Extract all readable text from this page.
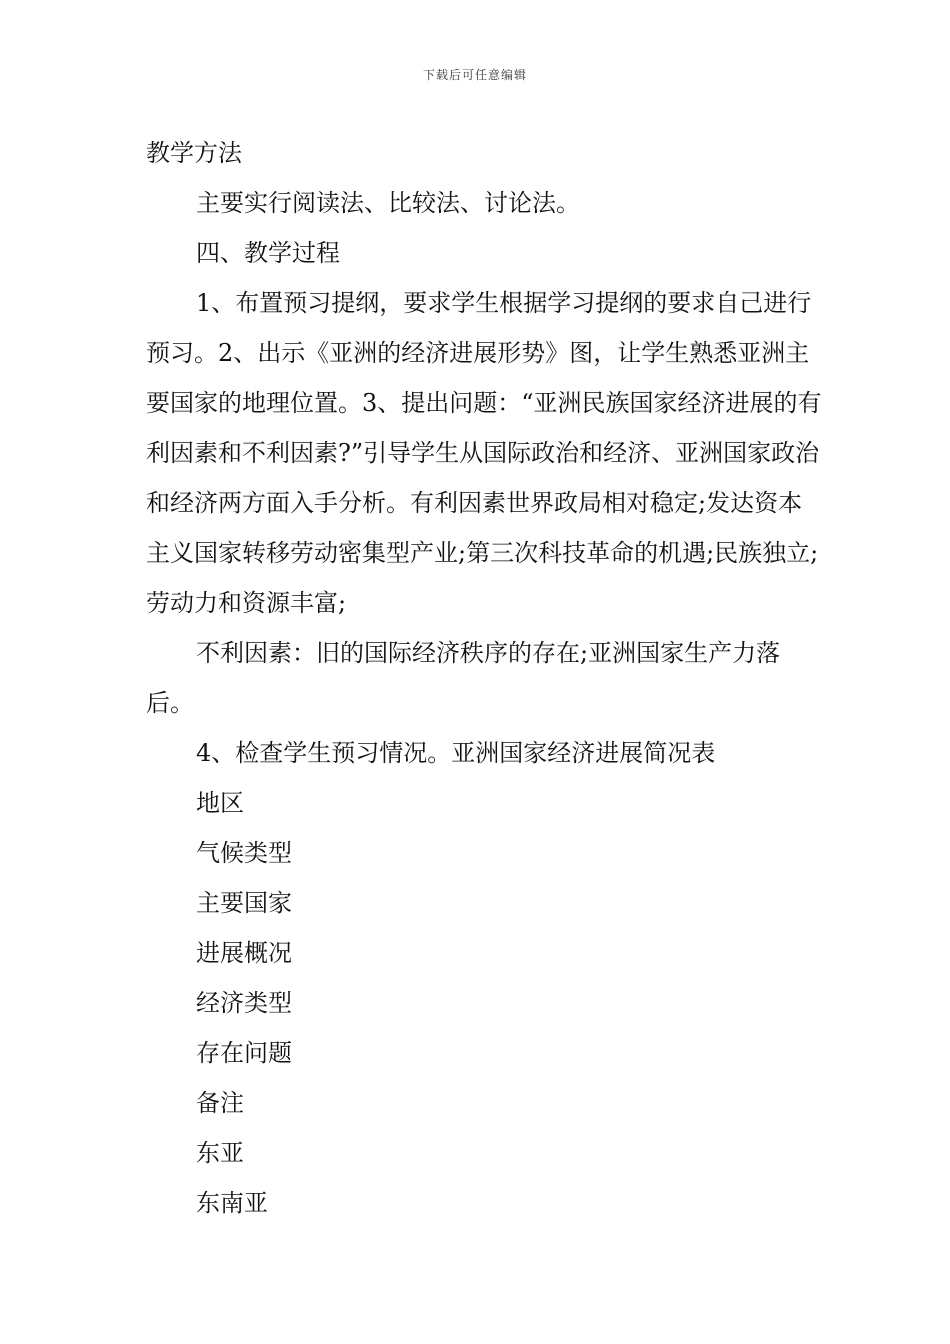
下载后可任意编辑

教学方法

主要实行阅读法、比较法、讨论法。

四、教学过程

1、布置预习提纲，要求学生根据学习提纲的要求自己进行预习。2、出示《亚洲的经济进展形势》图，让学生熟悉亚洲主要国家的地理位置。3、提出问题：“亚洲民族国家经济进展的有利因素和不利因素?”引导学生从国际政治和经济、亚洲国家政治和经济两方面入手分析。有利因素世界政局相对稳定;发达资本主义国家转移劳动密集型产业;第三次科技革命的机遇;民族独立;劳动力和资源丰富;

不利因素：旧的国际经济秩序的存在;亚洲国家生产力落后。

4、检查学生预习情况。亚洲国家经济进展简况表

地区

气候类型

主要国家

进展概况

经济类型

存在问题

备注

东亚

东南亚
